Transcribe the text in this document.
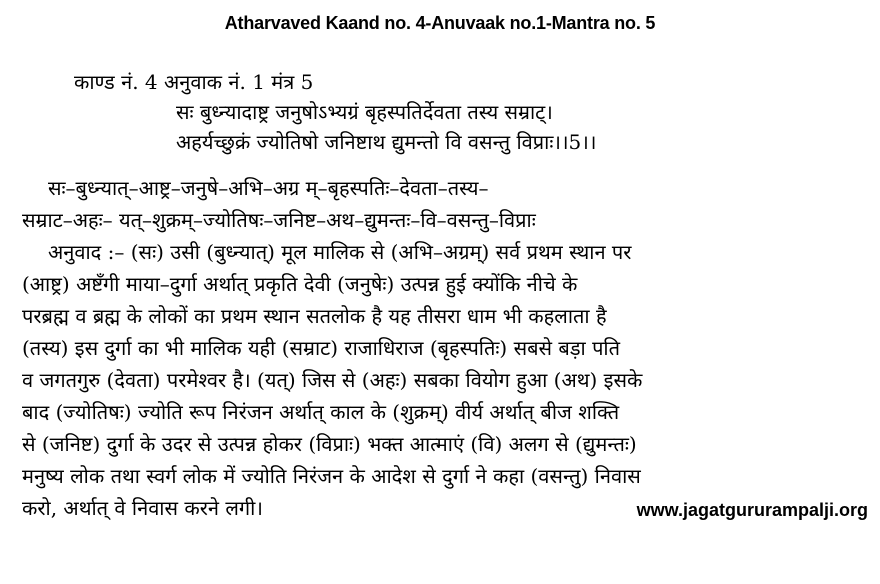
Atharvaved Kaand no. 4-Anuvaak no.1-Mantra no. 5
काण्ड नं. 4 अनुवाक नं. 1 मंत्र 5
सः बुध्न्यादाष्ट्र जनुषोऽभ्यग्रं बृहस्पतिर्देवता तस्य सम्राट्।
अहर्यच्छुक्रं ज्योतिषो जनिष्टाथ द्युमन्तो वि वसन्तु विप्राः।।5।।
सः–बुध्न्यात्–आष्ट्र–जनुषे–अभि–अग्र म्–बृहस्पतिः–देवता–तस्य–
सम्राट–अहः– यत्–शुक्रम्–ज्योतिषः–जनिष्ट–अथ–द्युमन्तः–वि–वसन्तु–विप्राः
अनुवाद :– (सः) उसी (बुध्न्यात्) मूल मालिक से (अभि–अग्रम्) सर्व प्रथम स्थान पर
(आष्ट्र) अष्टँगी माया–दुर्गा अर्थात् प्रकृति देवी (जनुषेः) उत्पन्न हुई क्योंकि नीचे के
परब्रह्म व ब्रह्म के लोकों का प्रथम स्थान सतलोक है यह तीसरा धाम भी कहलाता है
(तस्य) इस दुर्गा का भी मालिक यही (सम्राट) राजाधिराज (बृहस्पतिः) सबसे बड़ा पति
व जगतगुरु (देवता) परमेश्वर है। (यत्) जिस से (अहः) सबका वियोग हुआ (अथ) इसके
बाद (ज्योतिषः) ज्योति रूप निरंजन अर्थात् काल के (शुक्रम्) वीर्य अर्थात् बीज शक्ति
से (जनिष्ट) दुर्गा के उदर से उत्पन्न होकर (विप्राः) भक्त आत्माएं (वि) अलग से (द्युमन्तः)
मनुष्य लोक तथा स्वर्ग लोक में ज्योति निरंजन के आदेश से दुर्गा ने कहा (वसन्तु) निवास
करो, अर्थात् वे निवास करने लगी।	www.jagatgururampalji.org
